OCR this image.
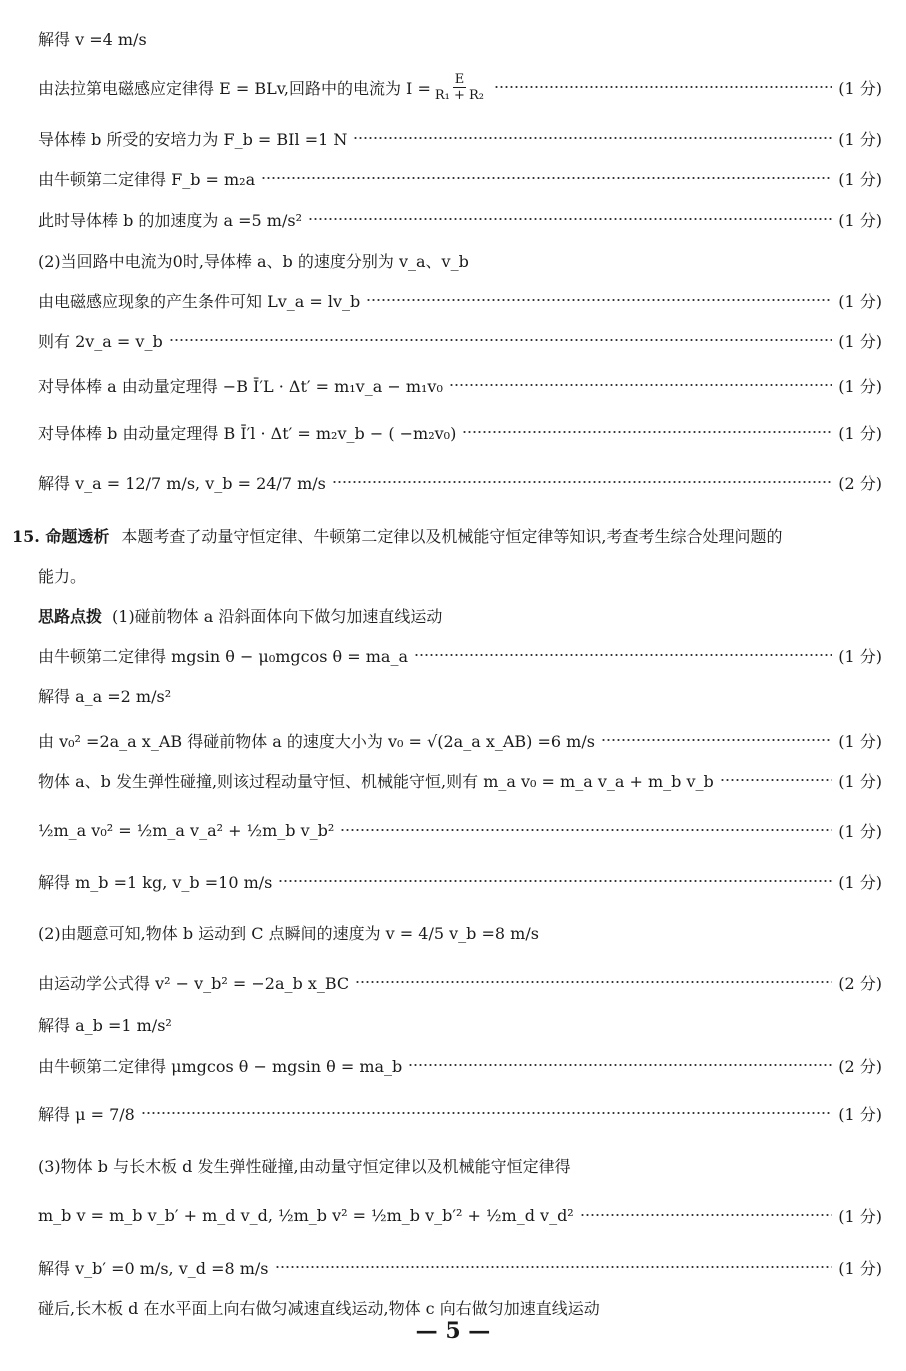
解得 v =4 m/s
由法拉第电磁感应定律得 E = BLv,回路中的电流为 $I = \frac{E}{\text{R₁ + R₂}}$	(1 分)
导体棒 b 所受的安培力为 F_b = BIl =1 N	(1 分)
由牛顿第二定律得 F_b = m₂a	(1 分)
此时导体棒 b 的加速度为 a =5 m/s²	(1 分)
(2)当回路中电流为0时,导体棒 a、b 的速度分别为 v_a、v_b
由电磁感应现象的产生条件可知 Lv_a = lv_b	(1 分)
则有 2v_a = v_b	(1 分)
对导体棒 a 由动量定理得 −B Ī′L · Δt′ = m₁v_a − m₁v₀	(1 分)
对导体棒 b 由动量定理得 B Ī′l · Δt′ = m₂v_b − ( −m₂v₀)	(1 分)
解得 v_a = 12/7 m/s, v_b = 24/7 m/s	(2 分)
15. 命题透析 本题考查了动量守恒定律、牛顿第二定律以及机械能守恒定律等知识,考查考生综合处理问题的
能力。
思路点拨 (1)碰前物体 a 沿斜面体向下做匀加速直线运动
由牛顿第二定律得 mgsin θ − μ₀mgcos θ = ma_a	(1 分)
解得 a_a =2 m/s²
由 v₀² =2a_a x_AB 得碰前物体 a 的速度大小为 v₀ = √(2a_a x_AB) =6 m/s	(1 分)
物体 a、b 发生弹性碰撞,则该过程动量守恒、机械能守恒,则有 m_a v₀ = m_a v_a + m_b v_b	(1 分)
½m_a v₀² = ½m_a v_a² + ½m_b v_b²	(1 分)
解得 m_b =1 kg, v_b =10 m/s	(1 分)
(2)由题意可知,物体 b 运动到 C 点瞬间的速度为 v = 4/5 v_b =8 m/s
由运动学公式得 v² − v_b² = −2a_b x_BC	(2 分)
解得 a_b =1 m/s²
由牛顿第二定律得 μmgcos θ − mgsin θ = ma_b	(2 分)
解得 μ = 7/8	(1 分)
(3)物体 b 与长木板 d 发生弹性碰撞,由动量守恒定律以及机械能守恒定律得
m_b v = m_b v_b′ + m_d v_d, ½m_b v² = ½m_b v_b′² + ½m_d v_d²	(1 分)
解得 v_b′ =0 m/s, v_d =8 m/s	(1 分)
碰后,长木板 d 在水平面上向右做匀减速直线运动,物体 c 向右做匀加速直线运动
— 5 —
